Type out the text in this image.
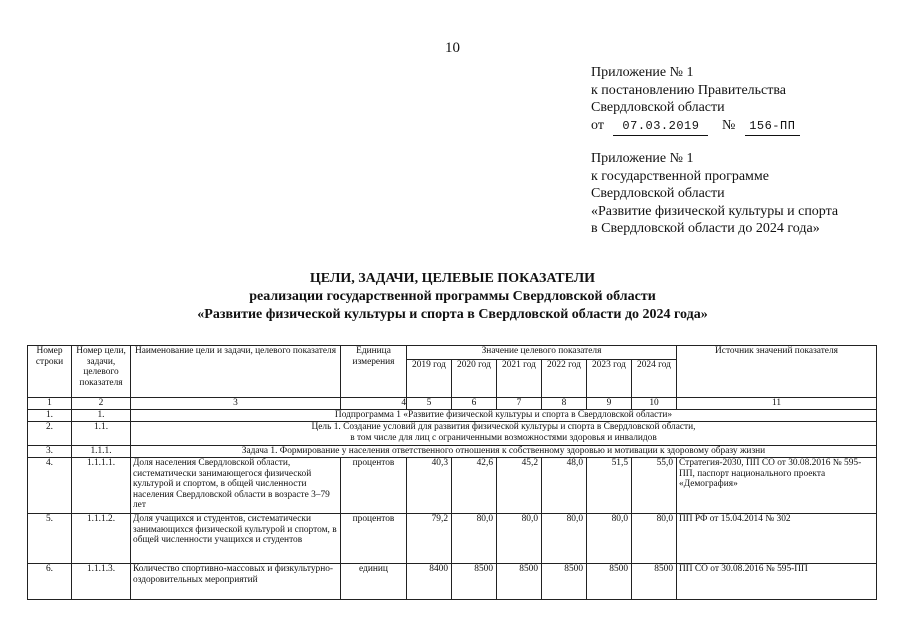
10
Приложение № 1
к постановлению Правительства
Свердловской области
от 07.03.2019 № 156-ПП
Приложение № 1
к государственной программе
Свердловской области
«Развитие физической культуры и спорта
в Свердловской области до 2024 года»
ЦЕЛИ, ЗАДАЧИ, ЦЕЛЕВЫЕ ПОКАЗАТЕЛИ
реализации государственной программы Свердловской области
«Развитие физической культуры и спорта в Свердловской области до 2024 года»
Номер строки	Номер цели, задачи, целевого показателя	Наименование цели и задачи, целевого показателя	Единица измерения	Значение целевого показателя						Источник значений показателя
				2019 год	2020 год	2021 год	2022 год	2023 год	2024 год	
1	2	3	4	5	6	7	8	9	10	11
1.	1.	Подпрограмма 1 «Развитие физической культуры и спорта в Свердловской области»								
2.	1.1.	Цель 1. Создание условий для развития физической культуры и спорта в Свердловской области,
в том числе для лиц с ограниченными возможностями здоровья и инвалидов								

3.	1.1.1.	Задача 1. Формирование у населения ответственного отношения к собственному здоровью и мотивации к здоровому образу жизни								
4.	1.1.1.1.	Доля населения Свердловской области, систематически занимающегося физической культурой и спортом, в общей численности населения Свердловской области в возрасте 3–79 лет	процентов	40,3	42,6	45,2	48,0	51,5	55,0	Стратегия-2030, ПП СО от 30.08.2016 № 595-ПП, паспорт национального проекта «Демография»
5.	1.1.1.2.	Доля учащихся и студентов, систематически занимающихся физической культурой и спортом, в общей численности учащихся и студентов	процентов	79,2	80,0	80,0	80,0	80,0	80,0	ПП РФ от 15.04.2014 № 302
6.	1.1.1.3.	Количество спортивно-массовых и физкультурно-оздоровительных мероприятий	единиц	8400	8500	8500	8500	8500	8500	ПП СО от 30.08.2016 № 595-ПП
